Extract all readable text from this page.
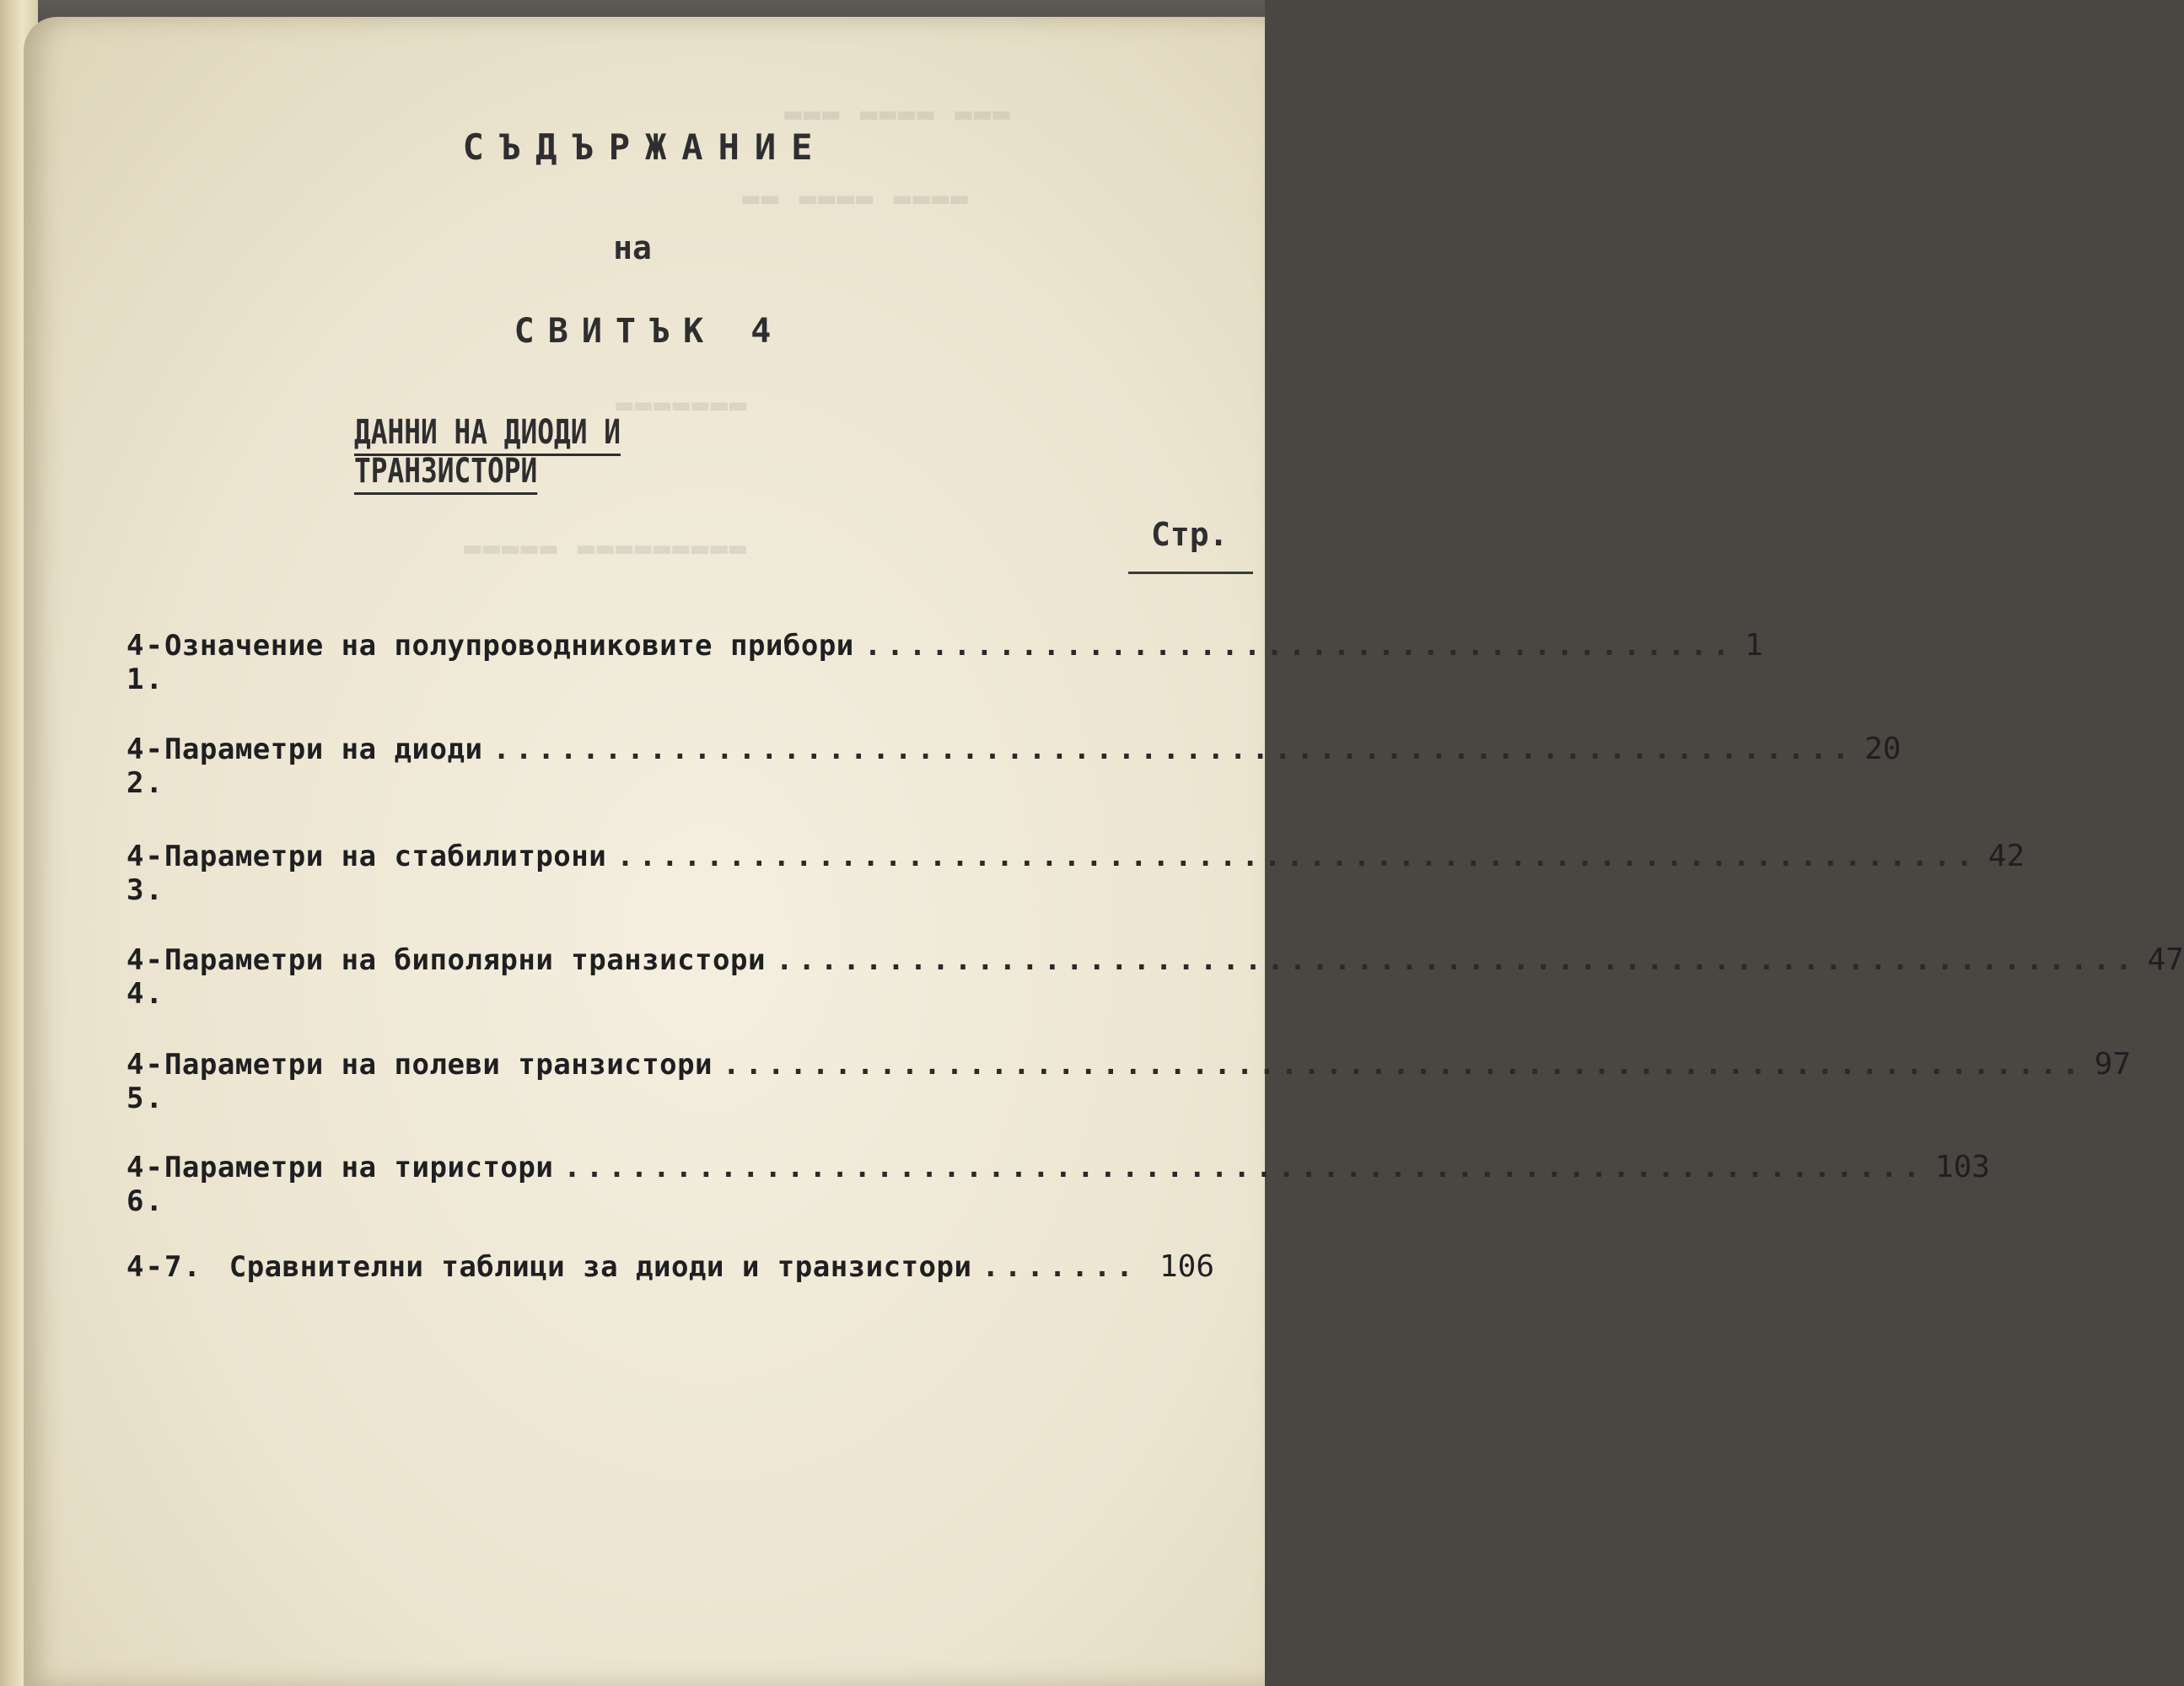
▬▬▬ ▬▬▬▬ ▬▬▬
▬▬▬▬ ▬▬▬▬ ▬▬
▬▬▬▬▬▬▬
▬▬▬▬▬▬▬▬▬ ▬▬▬▬▬
СЪДЪРЖАНИЕ
на
СВИТЪК 4
ДАННИ НА ДИОДИ И ТРАНЗИСТОРИ
Стр.
4-1.
Означение на полупроводниковите прибори ....................................... 1
4-2.
Параметри на диоди ............................................................. 20
4-3.
Параметри на стабилитрони ............................................................. 42
4-4.
Параметри на биполярни транзистори ............................................................. 47
4-5.
Параметри на полеви транзистори ............................................................. 97
4-6.
Параметри на тиристори ............................................................. 103
4-7. Сравнителни таблици за диоди и транзистори ....... 106
